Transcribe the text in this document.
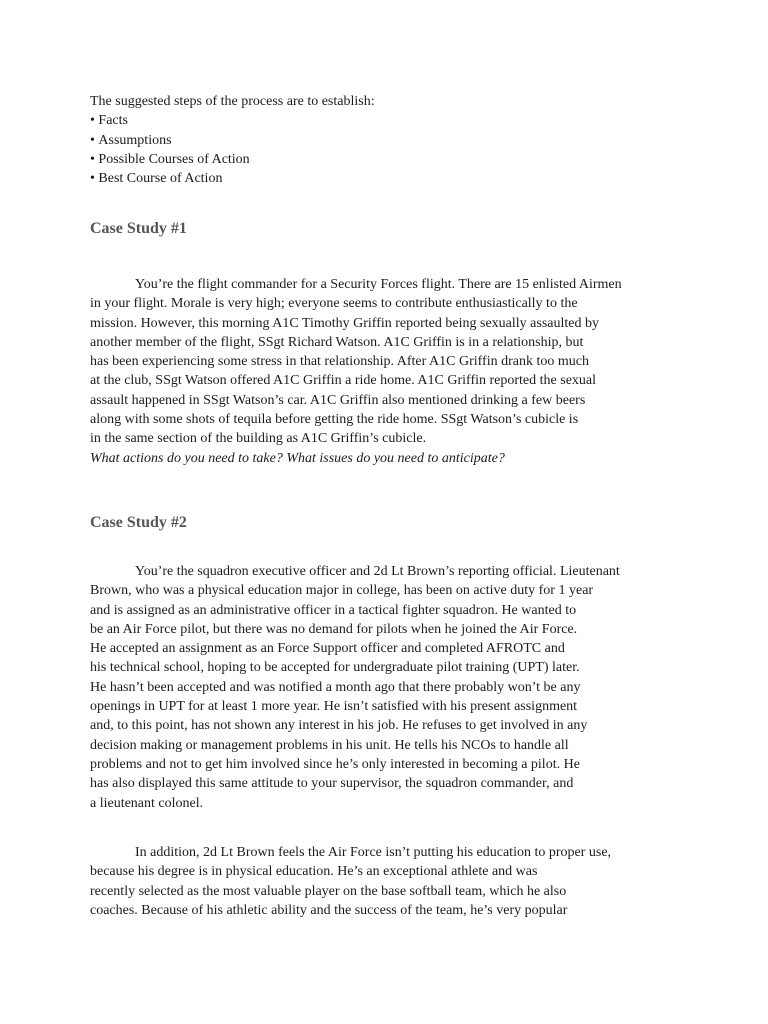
The suggested steps of the process are to establish:
• Facts
• Assumptions
• Possible Courses of Action
• Best Course of Action
Case Study #1
You’re the flight commander for a Security Forces flight. There are 15 enlisted Airmen
in your flight. Morale is very high; everyone seems to contribute enthusiastically to the
mission. However, this morning A1C Timothy Griffin reported being sexually assaulted by
another member of the flight, SSgt Richard Watson. A1C Griffin is in a relationship, but
has been experiencing some stress in that relationship. After A1C Griffin drank too much
at the club, SSgt Watson offered A1C Griffin a ride home. A1C Griffin reported the sexual
assault happened in SSgt Watson’s car. A1C Griffin also mentioned drinking a few beers
along with some shots of tequila before getting the ride home. SSgt Watson’s cubicle is
in the same section of the building as A1C Griffin’s cubicle.
What actions do you need to take? What issues do you need to anticipate?
Case Study #2
You’re the squadron executive officer and 2d Lt Brown’s reporting official. Lieutenant
Brown, who was a physical education major in college, has been on active duty for 1 year
and is assigned as an administrative officer in a tactical fighter squadron. He wanted to
be an Air Force pilot, but there was no demand for pilots when he joined the Air Force.
He accepted an assignment as an Force Support officer and completed AFROTC and
his technical school, hoping to be accepted for undergraduate pilot training (UPT) later.
He hasn’t been accepted and was notified a month ago that there probably won’t be any
openings in UPT for at least 1 more year. He isn’t satisfied with his present assignment
and, to this point, has not shown any interest in his job. He refuses to get involved in any
decision making or management problems in his unit. He tells his NCOs to handle all
problems and not to get him involved since he’s only interested in becoming a pilot. He
has also displayed this same attitude to your supervisor, the squadron commander, and
a lieutenant colonel.
In addition, 2d Lt Brown feels the Air Force isn’t putting his education to proper use,
because his degree is in physical education. He’s an exceptional athlete and was
recently selected as the most valuable player on the base softball team, which he also
coaches. Because of his athletic ability and the success of the team, he’s very popular
